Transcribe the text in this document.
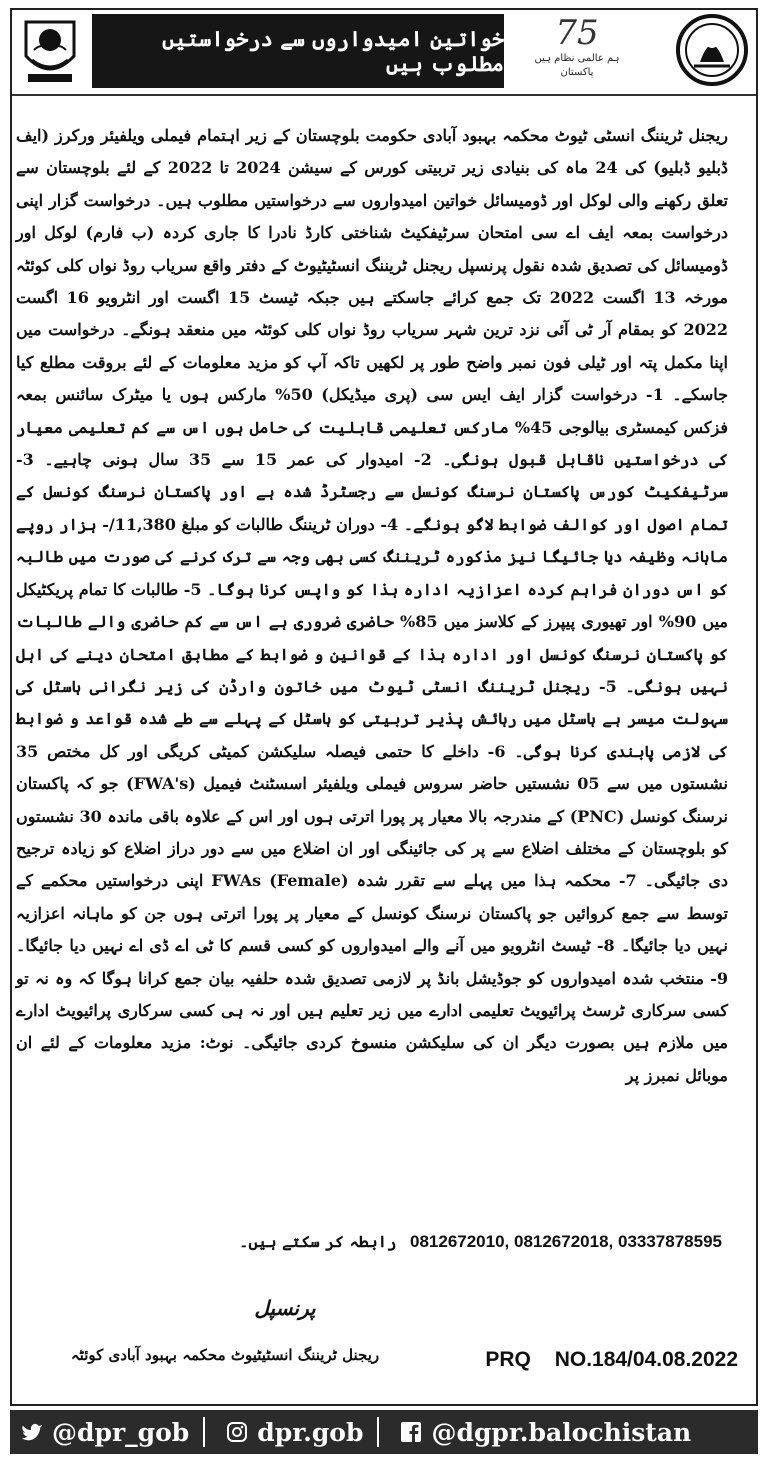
خواتین امیدواروں سے درخواستیں مطلوب ہیں
75
ہم عالمی نظام ہیں پاکستان
ریجنل ٹریننگ انسٹی ٹیوٹ محکمہ بہبود آبادی حکومت بلوچستان کے زیر اہتمام فیملی ویلفیئر ورکرز (ایف ڈبلیو ڈبلیو) کی 24 ماہ کی بنیادی زیر تربیتی کورس کے سیشن 2024 تا 2022 کے لئے بلوچستان سے تعلق رکھنے والی لوکل اور ڈومیسائل خواتین امیدواروں سے درخواستیں مطلوب ہیں۔ درخواست گزار اپنی درخواست بمعہ ایف اے سی امتحان سرٹیفکیٹ شناختی کارڈ نادرا کا جاری کردہ (ب فارم) لوکل اور ڈومیسائل کی تصدیق شدہ نقول پرنسپل ریجنل ٹریننگ انسٹیٹیوٹ کے دفتر واقع سریاب روڈ نواں کلی کوئٹہ مورخہ 13 اگست 2022 تک جمع کرائے جاسکتے ہیں جبکہ ٹیسٹ 15 اگست اور انٹرویو 16 اگست 2022 کو بمقام آر ٹی آئی نزد ترین شہر سریاب روڈ نواں کلی کوئٹہ میں منعقد ہونگے۔ درخواست میں اپنا مکمل پتہ اور ٹیلی فون نمبر واضح طور پر لکھیں تاکہ آپ کو مزید معلومات کے لئے بروقت مطلع کیا جاسکے۔ 1- درخواست گزار ایف ایس سی (پری میڈیکل) 50% مارکس ہوں یا میٹرک سائنس بمعہ فزکس کیمسٹری بیالوجی 45% مارکس تعلیمی قابلیت کی حامل ہوں اس سے کم تعلیمی معیار کی درخواستیں ناقابل قبول ہونگی۔ 2- امیدوار کی عمر 15 سے 35 سال ہونی چاہیے۔ 3- سرٹیفکیٹ کورس پاکستان نرسنگ کونسل سے رجسٹرڈ شدہ ہے اور پاکستان نرسنگ کونسل کے تمام اصول اور کوالف ضوابط لاگو ہونگے۔ 4- دوران ٹریننگ طالبات کو مبلغ 11,380/- ہزار روپے ماہانہ وظیفہ دیا جائیگا نیز مذکورہ ٹریننگ کسی بھی وجہ سے ترک کرنے کی صورت میں طالبہ کو اس دوران فراہم کردہ اعزازیہ ادارہ ہذا کو واپس کرنا ہوگا۔ 5- طالبات کا تمام پریکٹیکل میں 90% اور تھیوری پیپرز کے کلاسز میں 85% حاضری ضروری ہے اس سے کم حاضری والے طالبات کو پاکستان نرسنگ کونسل اور ادارہ ہذا کے قوانین و ضوابط کے مطابق امتحان دینے کی اہل نہیں ہونگی۔ 5- ریجنل ٹریننگ انسٹی ٹیوٹ میں خاتون وارڈن کی زیر نگرانی ہاسٹل کی سہولت میسر ہے ہاسٹل میں رہائش پذیر تربیتی کو ہاسٹل کے پہلے سے طے شدہ قواعد و ضوابط کی لازمی پابندی کرنا ہوگی۔ 6- داخلے کا حتمی فیصلہ سلیکشن کمیٹی کریگی اور کل مختص 35 نشستوں میں سے 05 نشستیں حاضر سروس فیملی ویلفیئر اسسٹنٹ فیمیل (FWA's) جو کہ پاکستان نرسنگ کونسل (PNC) کے مندرجہ بالا معیار پر پورا اترتی ہوں اور اس کے علاوہ باقی ماندہ 30 نشستوں کو بلوچستان کے مختلف اضلاع سے پر کی جائینگی اور ان اضلاع میں سے دور دراز اضلاع کو زیادہ ترجیح دی جائیگی۔ 7- محکمہ ہذا میں پہلے سے تقرر شدہ (Female) FWAs اپنی درخواستیں محکمے کے توسط سے جمع کروائیں جو پاکستان نرسنگ کونسل کے معیار پر پورا اترتی ہوں جن کو ماہانہ اعزازیہ نہیں دیا جائیگا۔ 8- ٹیسٹ انٹرویو میں آنے والے امیدواروں کو کسی قسم کا ٹی اے ڈی اے نہیں دیا جائیگا۔ 9- منتخب شدہ امیدواروں کو جوڈیشل بانڈ پر لازمی تصدیق شدہ حلفیہ بیان جمع کرانا ہوگا کہ وہ نہ تو کسی سرکاری ٹرسٹ پرائیویٹ تعلیمی ادارے میں زیر تعلیم ہیں اور نہ ہی کسی سرکاری پرائیویٹ ادارے میں ملازم ہیں بصورت دیگر ان کی سلیکشن منسوخ کردی جائیگی۔ نوٹ: مزید معلومات کے لئے ان موبائل نمبرز پر
0812672010, 0812672018, 03337878595 رابطہ کر سکتے ہیں۔
پرنسپل
ریجنل ٹریننگ انسٹیٹیوٹ محکمہ بہبود آبادی کوئٹہ	PRQ NO.184/04.08.2022
@dpr_gob	dpr.gob	@dgpr.balochistan
